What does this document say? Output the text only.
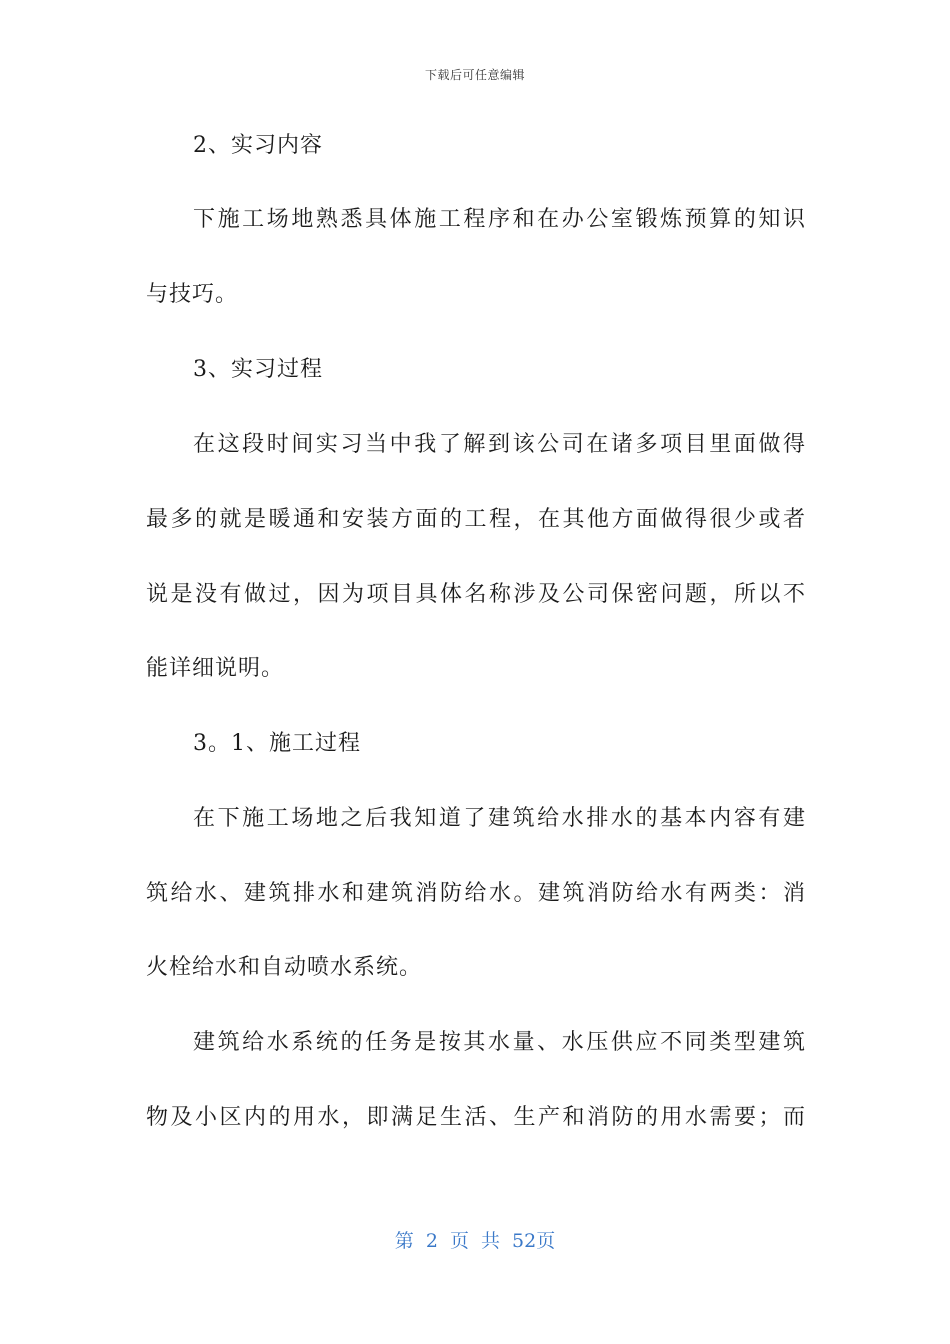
下载后可任意编辑
2、实习内容
下施工场地熟悉具体施工程序和在办公室锻炼预算的知识
与技巧。
3、实习过程
在这段时间实习当中我了解到该公司在诸多项目里面做得
最多的就是暖通和安装方面的工程，在其他方面做得很少或者
说是没有做过，因为项目具体名称涉及公司保密问题，所以不
能详细说明。
3。1、施工过程
在下施工场地之后我知道了建筑给水排水的基本内容有建
筑给水、建筑排水和建筑消防给水。建筑消防给水有两类：消
火栓给水和自动喷水系统。
建筑给水系统的任务是按其水量、水压供应不同类型建筑
物及小区内的用水，即满足生活、生产和消防的用水需要；而
第 2 页 共 52页
